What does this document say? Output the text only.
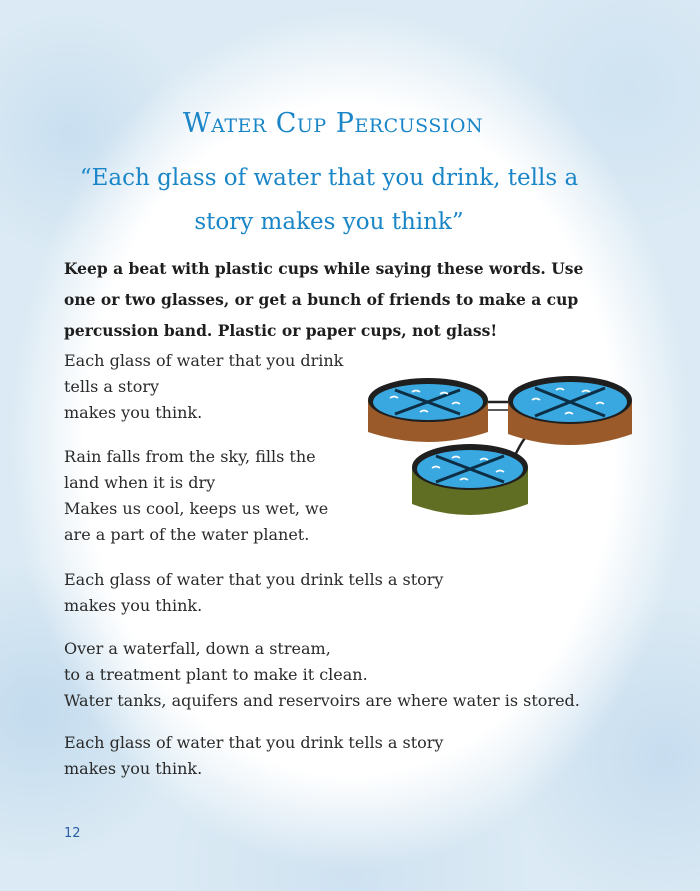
Water Cup Percussion

“Each glass of water that you drink, tells a
story makes you think”

Keep a beat with plastic cups while saying these words. Use one or two glasses, or get a bunch of friends to make a cup percussion band. Plastic or paper cups, not glass!

Each glass of water that you drink
tells a story
makes you think.

Rain falls from the sky, fills the
land when it is dry
Makes us cool, keeps us wet, we
are a part of the water planet.

Each glass of water that you drink tells a story
makes you think.

Over a waterfall, down a stream,
to a treatment plant to make it clean.
Water tanks, aquifers and reservoirs are where water is stored.

Each glass of water that you drink tells a story
makes you think.

12
